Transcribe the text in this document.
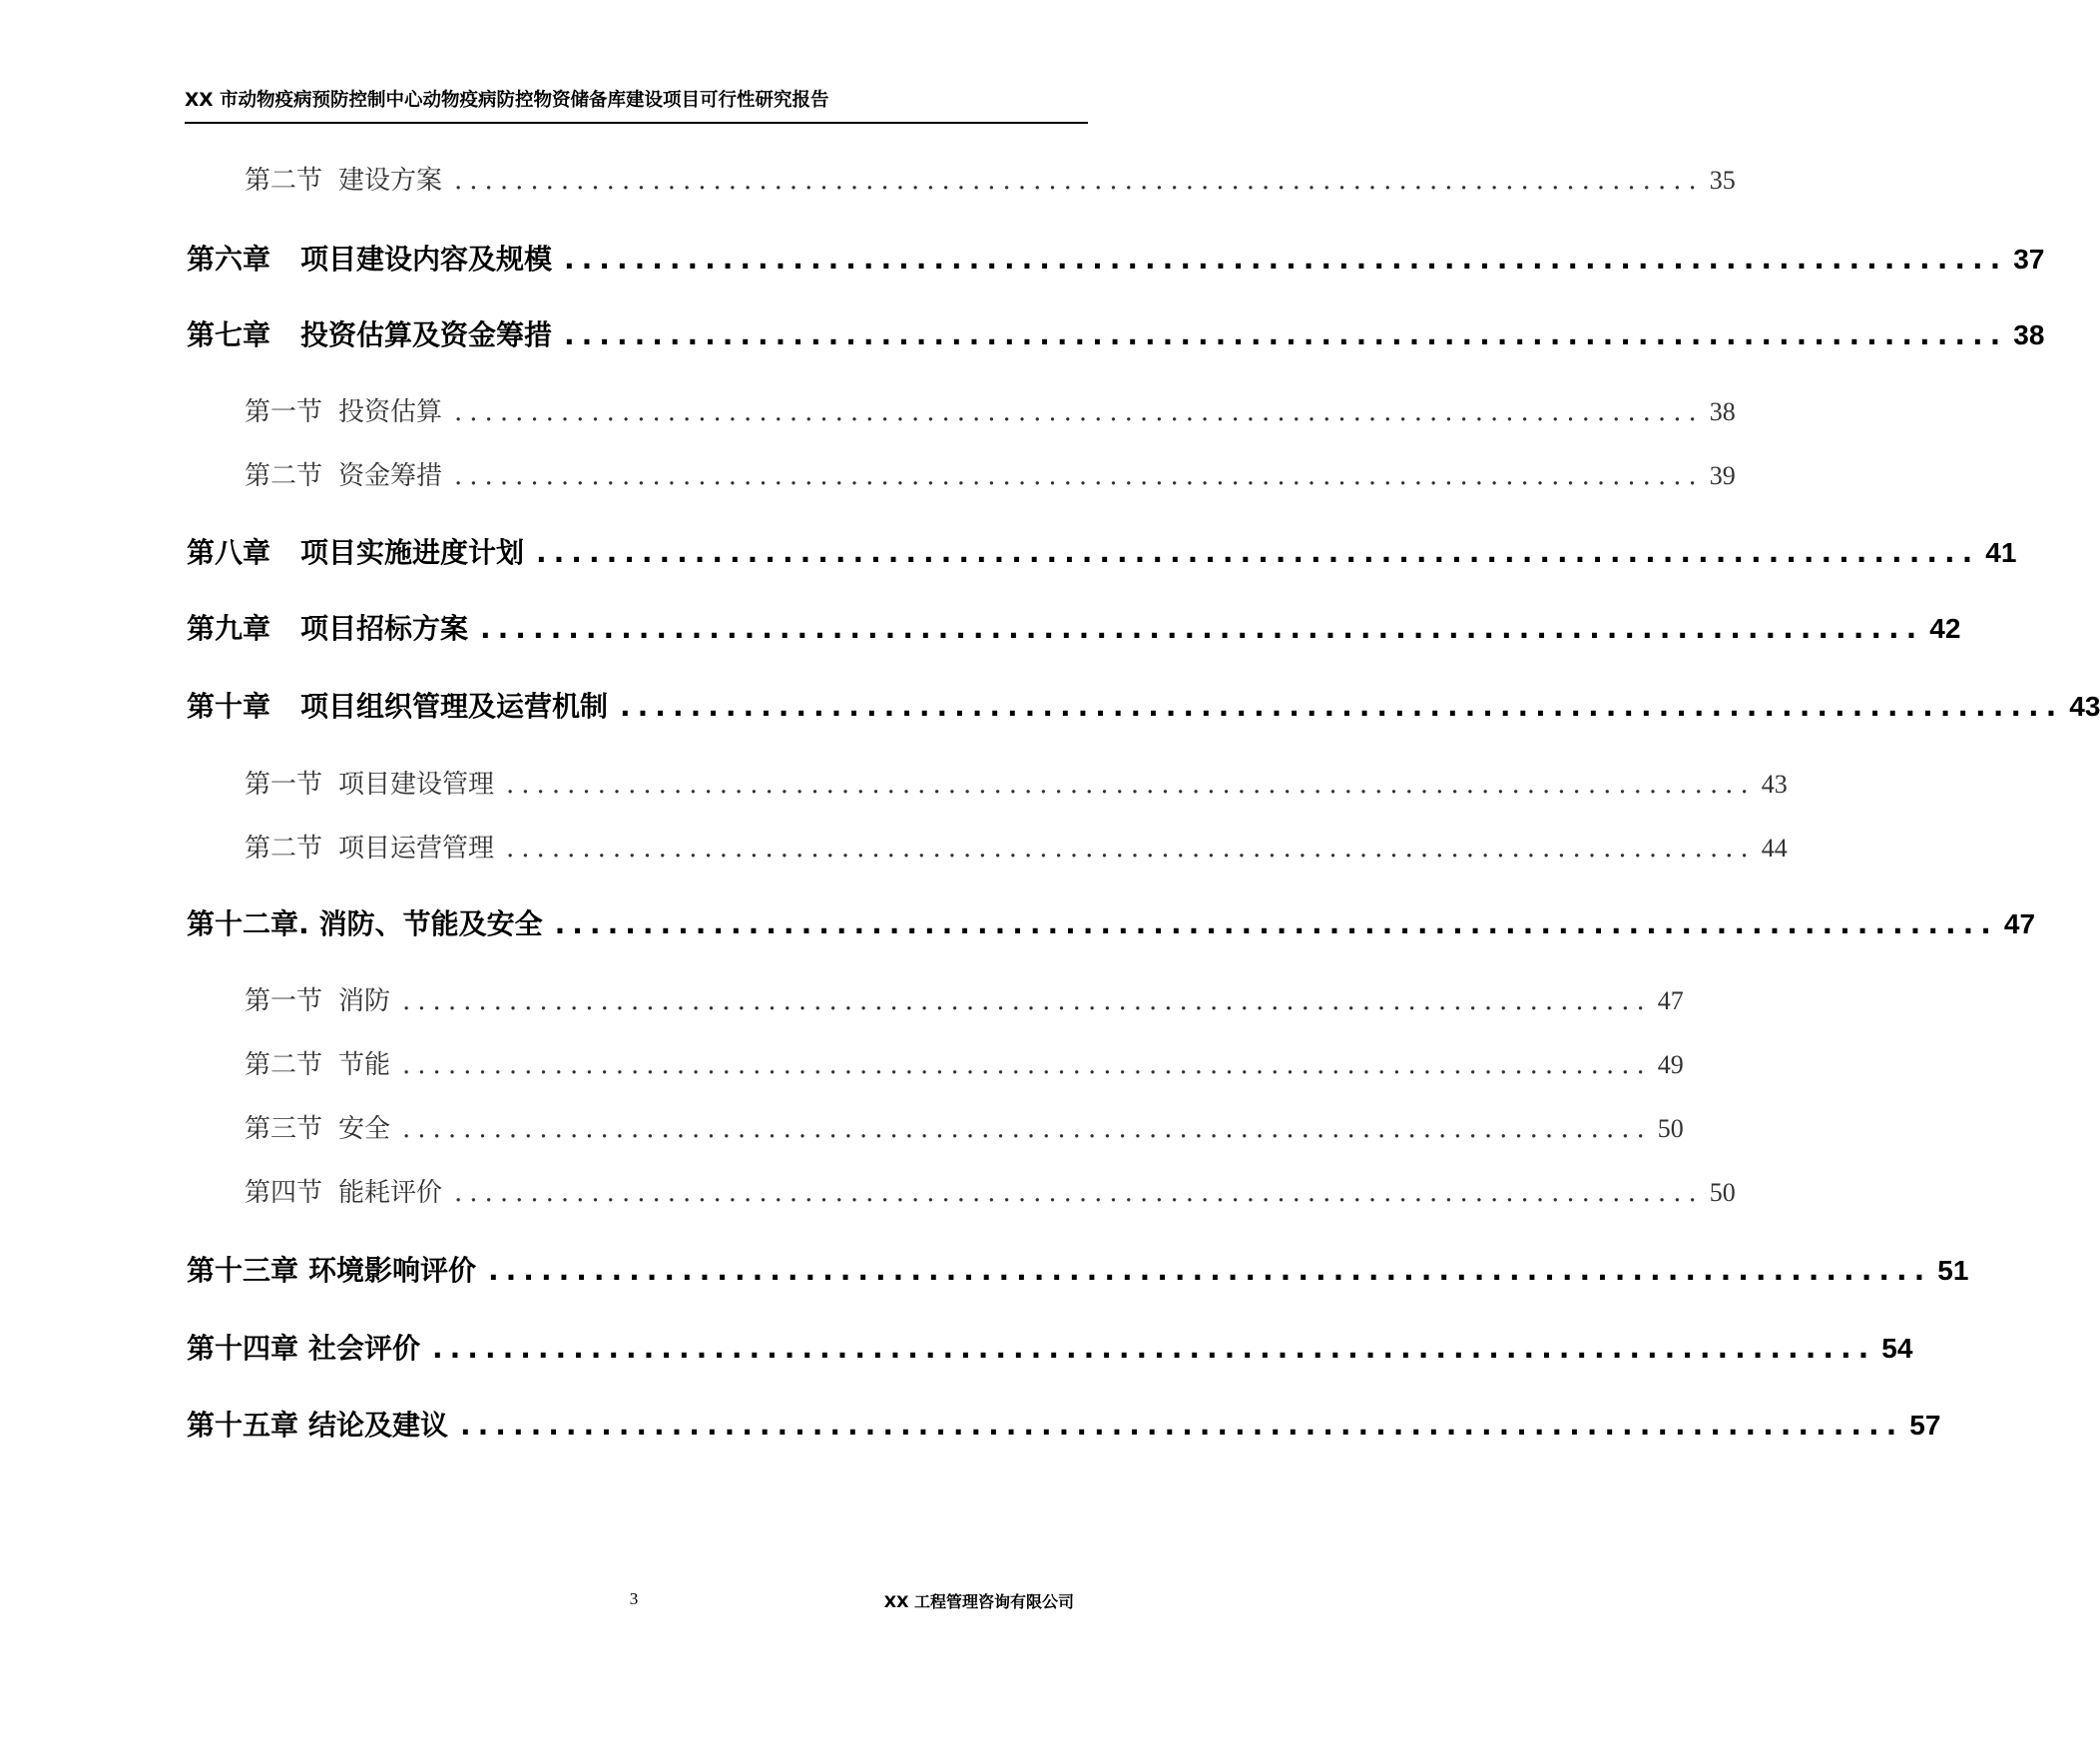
XX 市动物疫病预防控制中心动物疫病防控物资储备库建设项目可行性研究报告
第二节 建设方案 .................................................................................. 35
第六章 项目建设内容及规模 .................................................................................. 37
第七章 投资估算及资金筹措 .................................................................................. 38
第一节 投资估算 .................................................................................. 38
第二节 资金筹措 .................................................................................. 39
第八章 项目实施进度计划 .................................................................................. 41
第九章 项目招标方案 .................................................................................. 42
第十章 项目组织管理及运营机制 .................................................................................. 43
第一节 项目建设管理 .................................................................................. 43
第二节 项目运营管理 .................................................................................. 44
第十二章. 消防、节能及安全 .................................................................................. 47
第一节 消防 .................................................................................. 47
第二节 节能 .................................................................................. 49
第三节 安全 .................................................................................. 50
第四节 能耗评价 .................................................................................. 50
第十三章 环境影响评价 .................................................................................. 51
第十四章 社会评价 .................................................................................. 54
第十五章 结论及建议 .................................................................................. 57
3	XX 工程管理咨询有限公司
